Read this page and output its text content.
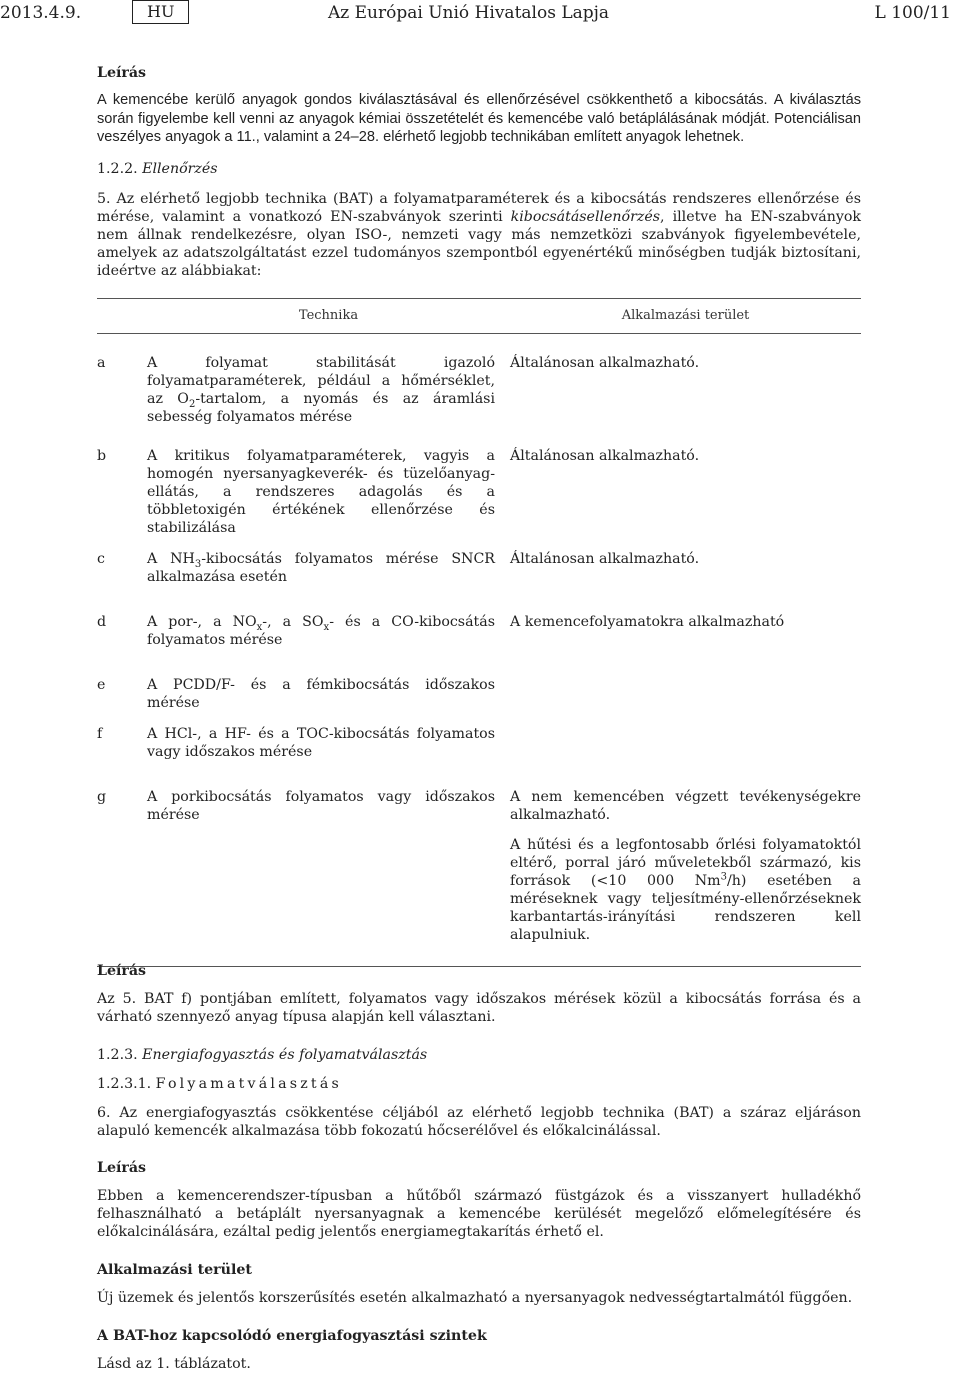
2013.4.9.	HU	Az Európai Unió Hivatalos Lapja	L 100/11
Leírás
A kemencébe kerülő anyagok gondos kiválasztásával és ellenőrzésével csökkenthető a kibocsátás. A kiválasztás során figyelembe kell venni az anyagok kémiai összetételét és kemencébe való betáplálásának módját. Potenciálisan veszélyes anyagok a 11., valamint a 24–28. elérhető legjobb technikában említett anyagok lehetnek.
1.2.2. Ellenőrzés
5. Az elérhető legjobb technika (BAT) a folyamatparaméterek és a kibocsátás rendszeres ellenőrzése és mérése, valamint a vonatkozó EN-szabványok szerinti kibocsátásellenőrzés, illetve ha EN-szabványok nem állnak rendelkezésre, olyan ISO-, nemzeti vagy más nemzetközi szabványok figyelembevétele, amelyek az adatszolgáltatást ezzel tudományos szempontból egyenértékű minőségben tudják biztosítani, ideértve az alábbiakat:
	Technika	Alkalmazási terület
a	A folyamat stabilitását igazoló folyamatparaméterek, például a hőmérséklet, az $O_2$-tartalom, a nyomás és az áramlási sebesség folyamatos mérése	Általánosan alkalmazható.
b	A kritikus folyamatparaméterek, vagyis a homogén nyersanyagkeverék- és tüzelőanyag-ellátás, a rendszeres adagolás és a többletoxigén értékének ellenőrzése és stabilizálása	Általánosan alkalmazható.
c	A $NH_3$-kibocsátás folyamatos mérése SNCR alkalmazása esetén	Általánosan alkalmazható.
d	A por-, a $NO_x-$, a $SO_x-$ és a CO-kibocsátás folyamatos mérése	A kemencefolyamatokra alkalmazható
e	A PCDD/F- és a fémkibocsátás időszakos mérése	
f	A HCl-, a HF- és a TOC-kibocsátás folyamatos vagy időszakos mérése	
g	A porkibocsátás folyamatos vagy időszakos mérése	A nem kemencében végzett tevékenységekre alkalmazható.
A hűtési és a legfontosabb őrlési folyamatoktól eltérő, porral járó műveletekből származó, kis források (<10 000 Nm$^3$/h) esetében a méréseknek vagy teljesítmény-ellenőrzéseknek karbantartás-irányítási rendszeren kell alapulniuk.
Leírás
Az 5. BAT f) pontjában említett, folyamatos vagy időszakos mérések közül a kibocsátás forrása és a várható szennyező anyag típusa alapján kell választani.
1.2.3. Energiafogyasztás és folyamatválasztás
1.2.3.1. Folyamatválasztás
6. Az energiafogyasztás csökkentése céljából az elérhető legjobb technika (BAT) a száraz eljáráson alapuló kemencék alkalmazása több fokozatú hőcserélővel és előkalcinálással.
Leírás
Ebben a kemencerendszer-típusban a hűtőből származó füstgázok és a visszanyert hulladékhő felhasználható a betáplált nyersanyagnak a kemencébe kerülését megelőző előmelegítésére és előkalcinálására, ezáltal pedig jelentős energiamegtakarítás érhető el.
Alkalmazási terület
Új üzemek és jelentős korszerűsítés esetén alkalmazható a nyersanyagok nedvességtartalmától függően.
A BAT-hoz kapcsolódó energiafogyasztási szintek
Lásd az 1. táblázatot.
